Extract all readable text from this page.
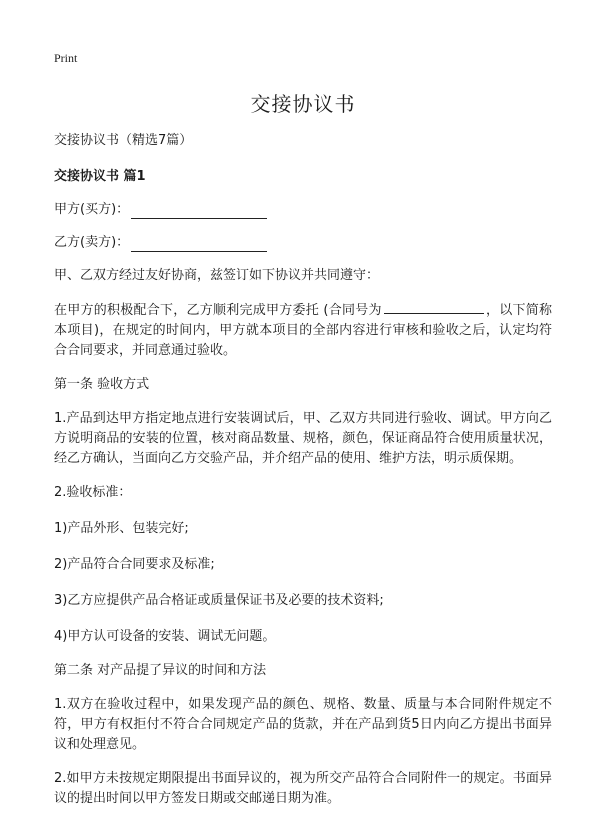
Print
交接协议书
交接协议书（精选7篇）
交接协议书 篇1
甲方(买方)：
乙方(卖方)：
甲、乙双方经过友好协商，兹签订如下协议并共同遵守：
在甲方的积极配合下，乙方顺利完成甲方委托 (合同号为	，以下简称本项目)，在规定的时间内，甲方就本项目的全部内容进行审核和验收之后，认定均符合合同要求，并同意通过验收。
第一条 验收方式
1.产品到达甲方指定地点进行安装调试后，甲、乙双方共同进行验收、调试。甲方向乙方说明商品的安装的位置，核对商品数量、规格，颜色，保证商品符合使用质量状况，经乙方确认，当面向乙方交验产品，并介绍产品的使用、维护方法，明示质保期。
2.验收标准：
1)产品外形、包装完好;
2)产品符合合同要求及标准;
3)乙方应提供产品合格证或质量保证书及必要的技术资料;
4)甲方认可设备的安装、调试无问题。
第二条 对产品提了异议的时间和方法
1.双方在验收过程中，如果发现产品的颜色、规格、数量、质量与本合同附件规定不符，甲方有权拒付不符合合同规定产品的货款，并在产品到货5日内向乙方提出书面异议和处理意见。
2.如甲方未按规定期限提出书面异议的，视为所交产品符合合同附件一的规定。书面异议的提出时间以甲方签发日期或交邮递日期为准。
